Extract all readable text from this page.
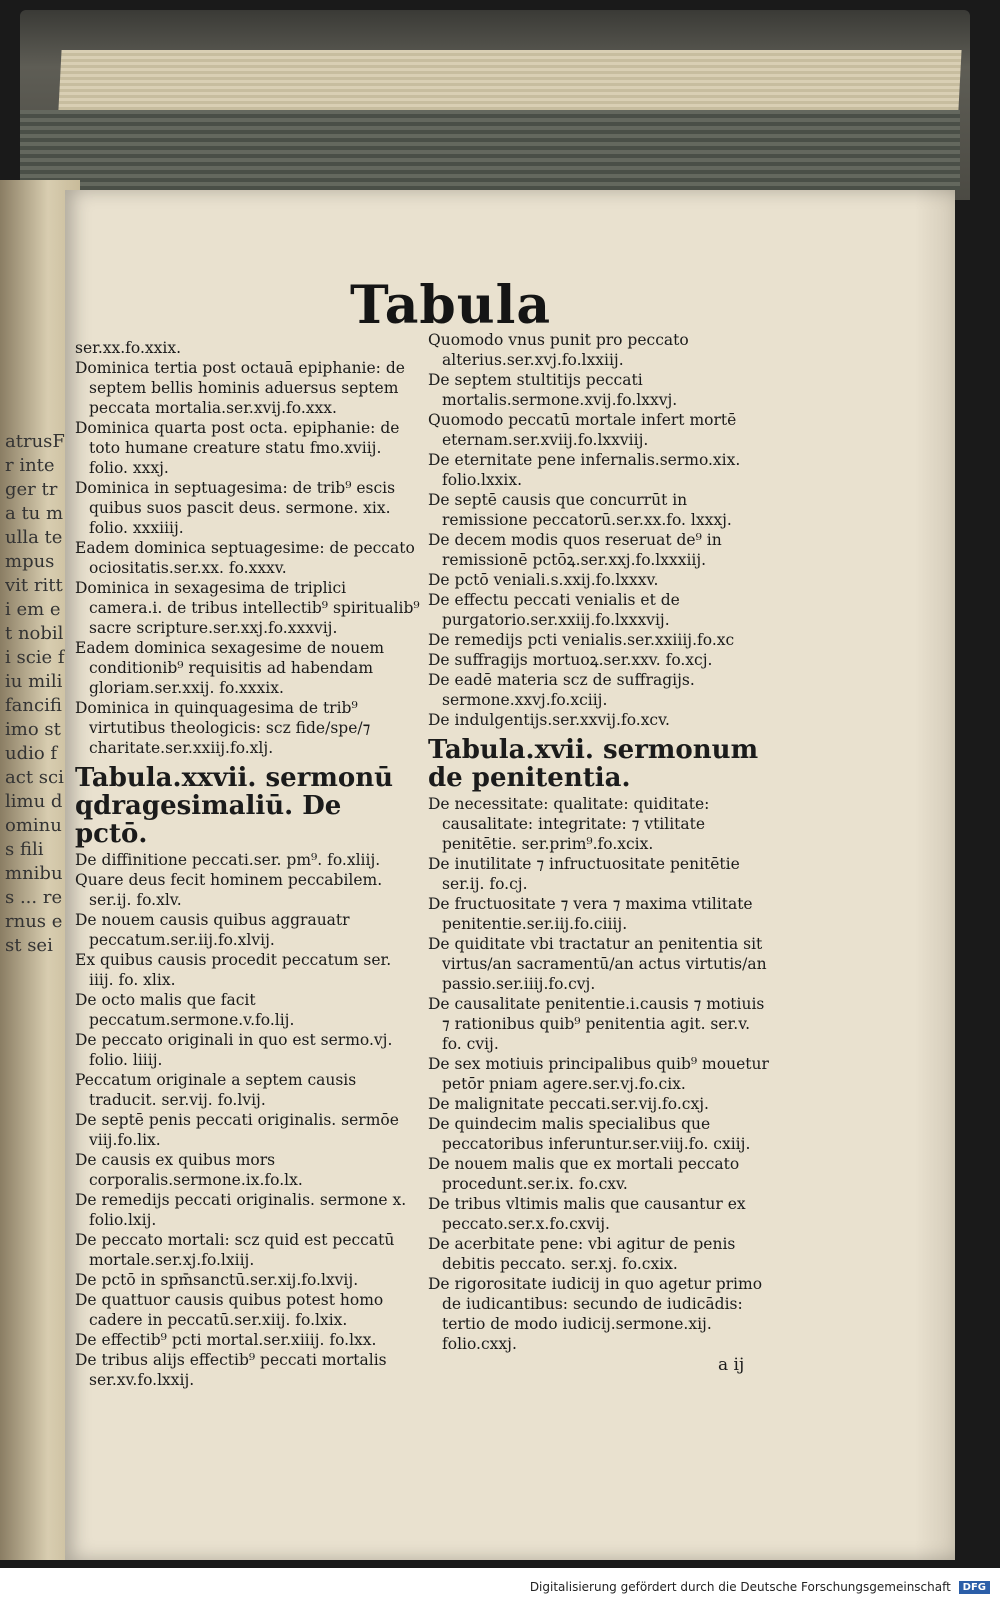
atrusFr integer tra tu mulla tempus vit ritti em et nobili scie fiu mili fancifiimo studio fact scilimu dominus fili mnibus ... rernus est sei
Tabula
ser.xx.fo.xxix.
Dominica tertia post octauā epiphanie: de septem bellis hominis aduersus septem peccata mortalia.ser.xvij.fo.xxx.
Dominica quarta post octa. epiphanie: de toto humane creature statu fmo.xviij. folio. xxxj.
Dominica in septuagesima: de trib⁹ escis quibus suos pascit deus. sermone. xix. folio. xxxiiij.
Eadem dominica septuagesime: de peccato ociositatis.ser.xx. fo.xxxv.
Dominica in sexagesima de triplici camera.i. de tribus intellectib⁹ spiritualib⁹ sacre scripture.ser.xxj.fo.xxxvij.
Eadem dominica sexagesime de nouem conditionib⁹ requisitis ad habendam gloriam.ser.xxij. fo.xxxix.
Dominica in quinquagesima de trib⁹ virtutibus theologicis: scz fide/spe/⁊ charitate.ser.xxiij.fo.xlj.
Tabula.xxvii. sermonū qdragesimaliū. De pctō.
De diffinitione peccati.ser. pm⁹. fo.xliij.
Quare deus fecit hominem peccabilem. ser.ij. fo.xlv.
De nouem causis quibus aggrauatr peccatum.ser.iij.fo.xlvij.
Ex quibus causis procedit peccatum ser. iiij. fo. xlix.
De octo malis que facit peccatum.sermone.v.fo.lij.
De peccato originali in quo est sermo.vj. folio. liiij.
Peccatum originale a septem causis traducit. ser.vij. fo.lvij.
De septē penis peccati originalis. sermōe viij.fo.lix.
De causis ex quibus mors corporalis.sermone.ix.fo.lx.
De remedijs peccati originalis. sermone x. folio.lxij.
De peccato mortali: scz quid est peccatū mortale.ser.xj.fo.lxiij.
De pctō in spm̄sanctū.ser.xij.fo.lxvij.
De quattuor causis quibus potest homo cadere in peccatū.ser.xiij. fo.lxix.
De effectib⁹ pcti mortal.ser.xiiij. fo.lxx.
De tribus alijs effectib⁹ peccati mortalis ser.xv.fo.lxxij.
Quomodo vnus punit pro peccato alterius.ser.xvj.fo.lxxiij.
De septem stultitijs peccati mortalis.sermone.xvij.fo.lxxvj.
Quomodo peccatū mortale infert mortē eternam.ser.xviij.fo.lxxviij.
De eternitate pene infernalis.sermo.xix. folio.lxxix.
De septē causis que concurrūt in remissione peccatorū.ser.xx.fo. lxxxj.
De decem modis quos reseruat de⁹ in remissionē pctōꝝ.ser.xxj.fo.lxxxiij.
De pctō veniali.s.xxij.fo.lxxxv.
De effectu peccati venialis et de purgatorio.ser.xxiij.fo.lxxxvij.
De remedijs pcti venialis.ser.xxiiij.fo.xc
De suffragijs mortuoꝝ.ser.xxv. fo.xcj.
De eadē materia scz de suffragijs. sermone.xxvj.fo.xciij.
De indulgentijs.ser.xxvij.fo.xcv.
Tabula.xvii. sermonum de penitentia.
De necessitate: qualitate: quiditate: causalitate: integritate: ⁊ vtilitate penitētie. ser.prim⁹.fo.xcix.
De inutilitate ⁊ infructuositate penitētie ser.ij. fo.cj.
De fructuositate ⁊ vera ⁊ maxima vtilitate penitentie.ser.iij.fo.ciiij.
De quiditate vbi tractatur an penitentia sit virtus/an sacramentū/an actus virtutis/an passio.ser.iiij.fo.cvj.
De causalitate penitentie.i.causis ⁊ motiuis ⁊ rationibus quib⁹ penitentia agit. ser.v. fo. cvij.
De sex motiuis principalibus quib⁹ mouetur petōr pniam agere.ser.vj.fo.cix.
De malignitate peccati.ser.vij.fo.cxj.
De quindecim malis specialibus que peccatoribus inferuntur.ser.viij.fo. cxiij.
De nouem malis que ex mortali peccato procedunt.ser.ix. fo.cxv.
De tribus vltimis malis que causantur ex peccato.ser.x.fo.cxvij.
De acerbitate pene: vbi agitur de penis debitis peccato. ser.xj. fo.cxix.
De rigorositate iudicij in quo agetur primo de iudicantibus: secundo de iudicādis: tertio de modo iudicij.sermone.xij. folio.cxxj.
a ij
Digitalisierung gefördert durch die Deutsche Forschungsgemeinschaft DFG
